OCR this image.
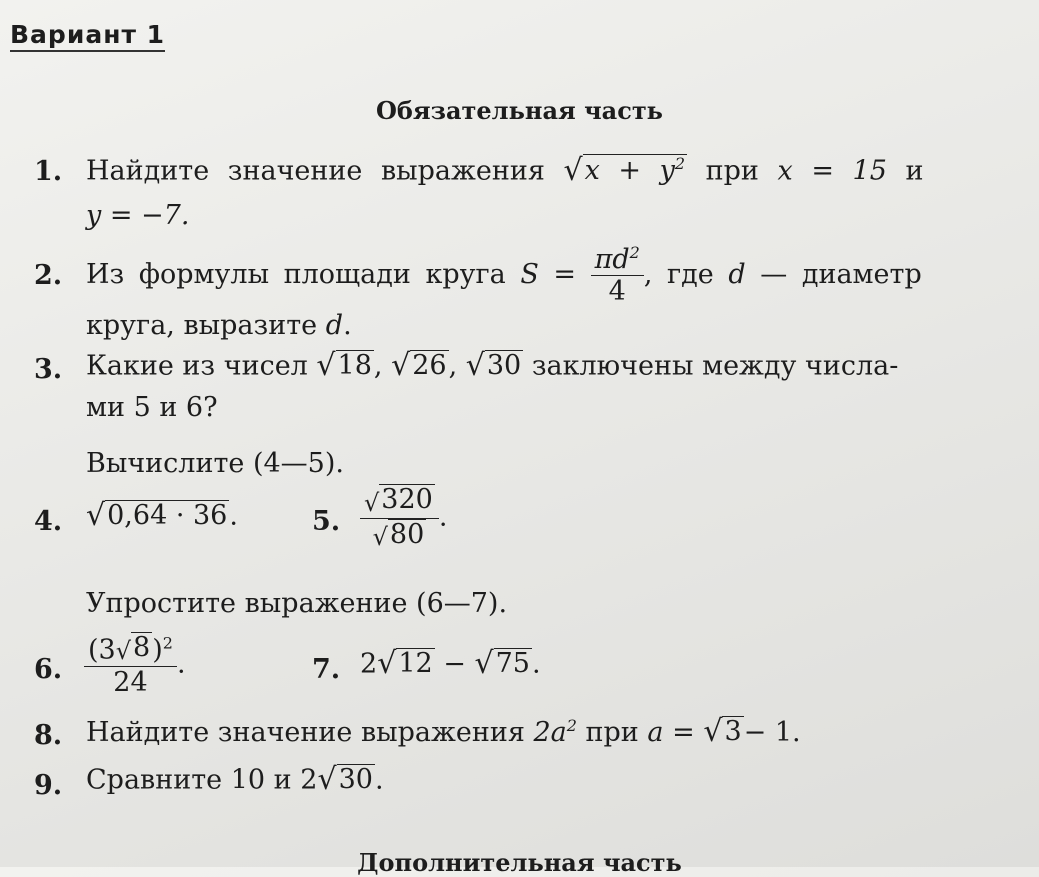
Вариант 1
Обязательная часть
1. Найдите значение выражения √ $x + y^2$ при x = 15 и
y = −7.
2. Из формулы площади круга $S = \frac{\pi d^2}{4}$ , где d — диаметр
круга, выразите d.
3. Какие из чисел √ 18 , √ 26 , √ 30 заключены между числа-
ми 5 и 6?
Вычислите (4—5).
4. √ 0,64 · 36 .	5. $\frac{√ 320}{√ 80}$ .
Упростите выражение (6—7).
6. $\frac{(3 √ 8 )^2}{24}$ .	7. 2 √ 12 − √ 75 .
8. Найдите значение выражения $2a^2$ при a = √ 3 − 1.
9. Сравните 10 и 2 √ 30 .
Дополнительная часть
